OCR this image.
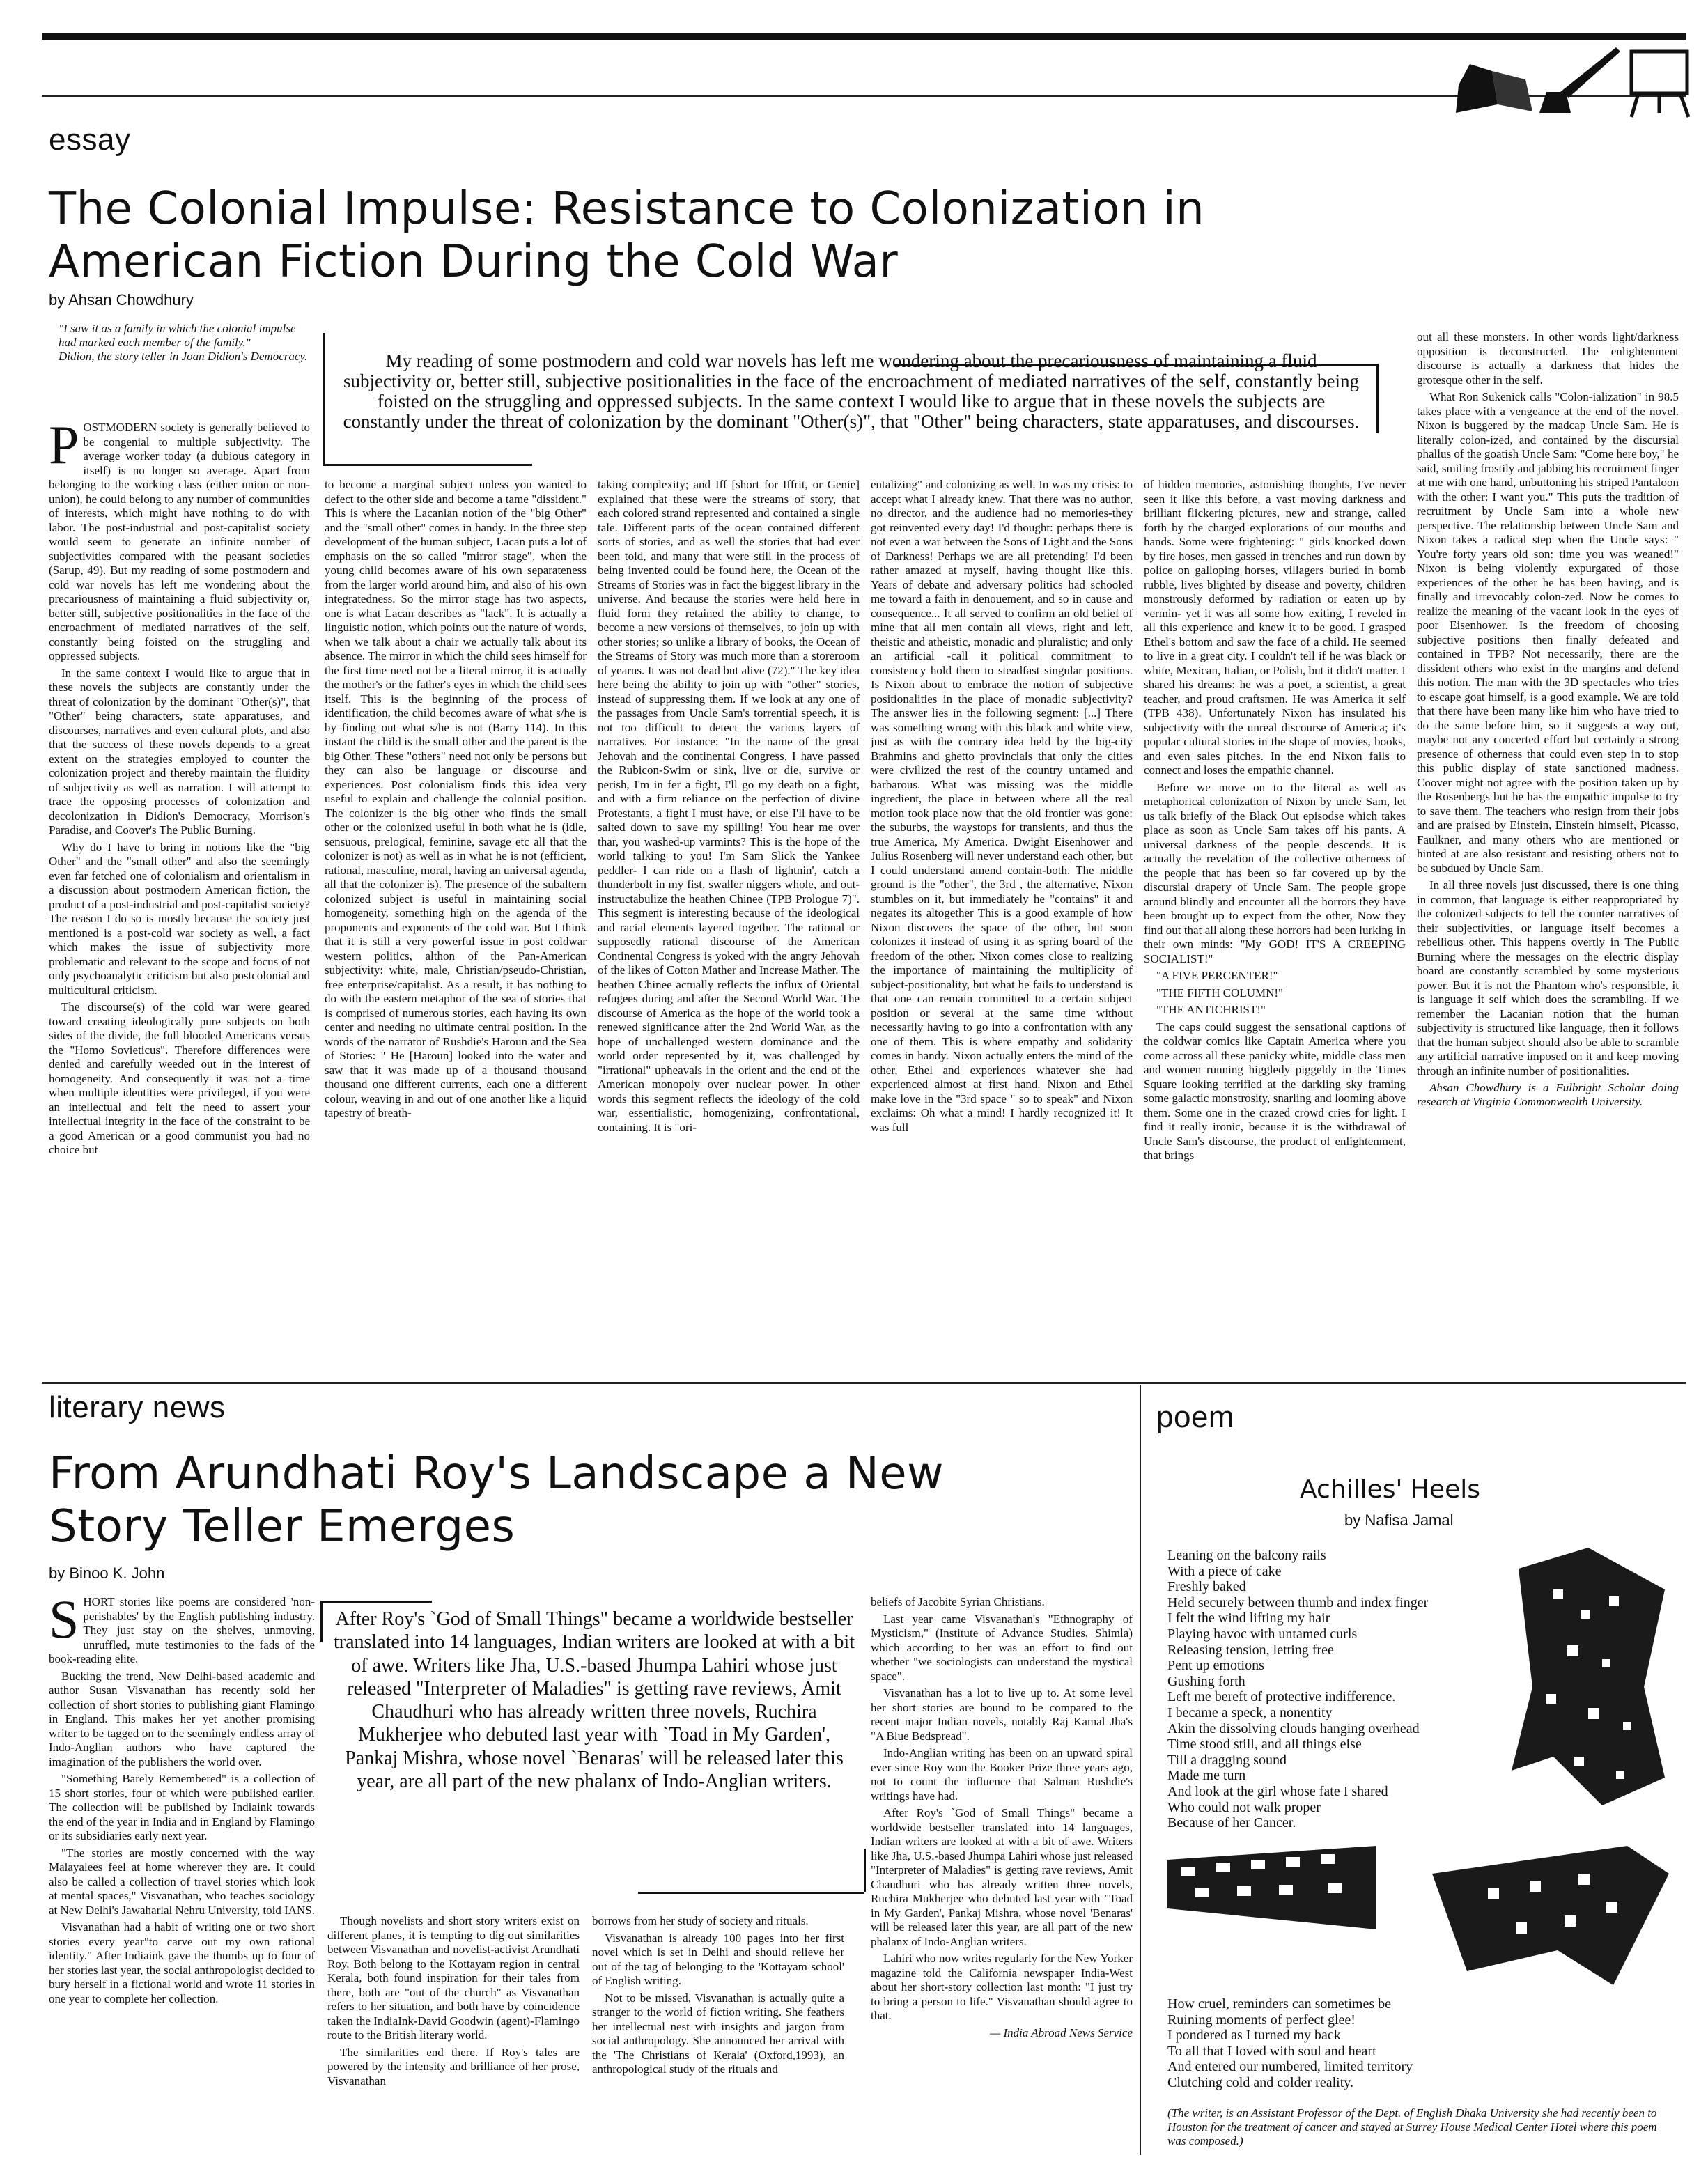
essay
The Colonial Impulse: Resistance to Colonization in
American Fiction During the Cold War
by Ahsan Chowdhury
"I saw it as a family in which the colonial impulse had marked each member of the family."
Didion, the story teller in Joan Didion's Democracy.	My reading of some postmodern and cold war novels has left me wondering about the precariousness of maintaining a fluid subjectivity or, better still, subjective positionalities in the face of the encroachment of mediated narratives of the self, constantly being foisted on the struggling and oppressed subjects. In the same context I would like to argue that in these novels the subjects are constantly under the threat of colonization by the dominant "Other(s)", that "Other" being characters, state apparatuses, and discourses.

POSTMODERN society is generally believed to be congenial to multiple subjectivity. The average worker today (a dubious category in itself) is no longer so average. Apart from belonging to the working class (either union or non-union), he could belong to any number of communities of interests, which might have nothing to do with labor. The post-industrial and post-capitalist society would seem to generate an infinite number of subjectivities compared with the peasant societies (Sarup, 49). But my reading of some postmodern and cold war novels has left me wondering about the precariousness of maintaining a fluid subjectivity or, better still, subjective positionalities in the face of the encroachment of mediated narratives of the self, constantly being foisted on the struggling and oppressed subjects.

In the same context I would like to argue that in these novels the subjects are constantly under the threat of colonization by the dominant "Other(s)", that "Other" being characters, state apparatuses, and discourses, narratives and even cultural plots, and also that the success of these novels depends to a great extent on the strategies employed to counter the colonization project and thereby maintain the fluidity of subjectivity as well as narration. I will attempt to trace the opposing processes of colonization and decolonization in Didion's Democracy, Morrison's Paradise, and Coover's The Public Burning.

Why do I have to bring in notions like the "big Other" and the "small other" and also the seemingly even far fetched one of colonialism and orientalism in a discussion about postmodern American fiction, the product of a post-industrial and post-capitalist society? The reason I do so is mostly because the society just mentioned is a post-cold war society as well, a fact which makes the issue of subjectivity more problematic and relevant to the scope and focus of not only psychoanalytic criticism but also postcolonial and multicultural criticism.

The discourse(s) of the cold war were geared toward creating ideologically pure subjects on both sides of the divide, the full blooded Americans versus the "Homo Sovieticus". Therefore differences were denied and carefully weeded out in the interest of homogeneity. And consequently it was not a time when multiple identities were privileged, if you were an intellectual and felt the need to assert your intellectual integrity in the face of the constraint to be a good American or a good communist you had no choice but

to become a marginal subject unless you wanted to defect to the other side and become a tame "dissident." This is where the Lacanian notion of the "big Other" and the "small other" comes in handy. In the three step development of the human subject, Lacan puts a lot of emphasis on the so called "mirror stage", when the young child becomes aware of his own separateness from the larger world around him, and also of his own integratedness. So the mirror stage has two aspects, one is what Lacan describes as "lack". It is actually a linguistic notion, which points out the nature of words, when we talk about a chair we actually talk about its absence. The mirror in which the child sees himself for the first time need not be a literal mirror, it is actually the mother's or the father's eyes in which the child sees itself. This is the beginning of the process of identification, the child becomes aware of what s/he is by finding out what s/he is not (Barry 114). In this instant the child is the small other and the parent is the big Other. These "others" need not only be persons but they can also be language or discourse and experiences. Post colonialism finds this idea very useful to explain and challenge the colonial position. The colonizer is the big other who finds the small other or the colonized useful in both what he is (idle, sensuous, prelogical, feminine, savage etc all that the colonizer is not) as well as in what he is not (efficient, rational, masculine, moral, having an universal agenda, all that the colonizer is). The presence of the subaltern colonized subject is useful in maintaining social homogeneity, something high on the agenda of the proponents and exponents of the cold war. But I think that it is still a very powerful issue in post coldwar western politics, althon of the Pan-American subjectivity: white, male, Christian/pseudo-Christian, free enterprise/capitalist. As a result, it has nothing to do with the eastern metaphor of the sea of stories that is comprised of numerous stories, each having its own center and needing no ultimate central position. In the words of the narrator of Rushdie's Haroun and the Sea of Stories: " He [Haroun] looked into the water and saw that it was made up of a thousand thousand thousand one different currents, each one a different colour, weaving in and out of one another like a liquid tapestry of breath-

taking complexity; and Iff [short for Iffrit, or Genie] explained that these were the streams of story, that each colored strand represented and contained a single tale. Different parts of the ocean contained different sorts of stories, and as well the stories that had ever been told, and many that were still in the process of being invented could be found here, the Ocean of the Streams of Stories was in fact the biggest library in the universe. And because the stories were held here in fluid form they retained the ability to change, to become a new versions of themselves, to join up with other stories; so unlike a library of books, the Ocean of the Streams of Story was much more than a storeroom of yearns. It was not dead but alive (72)." The key idea here being the ability to join up with "other" stories, instead of suppressing them. If we look at any one of the passages from Uncle Sam's torrential speech, it is not too difficult to detect the various layers of narratives. For instance: "In the name of the great Jehovah and the continental Congress, I have passed the Rubicon-Swim or sink, live or die, survive or perish, I'm in fer a fight, I'll go my death on a fight, and with a firm reliance on the perfection of divine Protestants, a fight I must have, or else I'll have to be salted down to save my spilling! You hear me over thar, you washed-up varmints? This is the hope of the world talking to you! I'm Sam Slick the Yankee peddler- I can ride on a flash of lightnin', catch a thunderbolt in my fist, swaller niggers whole, and out-instructabulize the heathen Chinee (TPB Prologue 7)". This segment is interesting because of the ideological and racial elements layered together. The rational or supposedly rational discourse of the American Continental Congress is yoked with the angry Jehovah of the likes of Cotton Mather and Increase Mather. The heathen Chinee actually reflects the influx of Oriental refugees during and after the Second World War. The discourse of America as the hope of the world took a renewed significance after the 2nd World War, as the hope of unchallenged western dominance and the world order represented by it, was challenged by "irrational" upheavals in the orient and the end of the American monopoly over nuclear power. In other words this segment reflects the ideology of the cold war, essentialistic, homogenizing, confrontational, containing. It is "ori-

entalizing" and colonizing as well. In was my crisis: to accept what I already knew. That there was no author, no director, and the audience had no memories-they got reinvented every day! I'd thought: perhaps there is not even a war between the Sons of Light and the Sons of Darkness! Perhaps we are all pretending! I'd been rather amazed at myself, having thought like this. Years of debate and adversary politics had schooled me toward a faith in denouement, and so in cause and consequence... It all served to confirm an old belief of mine that all men contain all views, right and left, theistic and atheistic, monadic and pluralistic; and only an artificial -call it political commitment to consistency hold them to steadfast singular positions. Is Nixon about to embrace the notion of subjective positionalities in the place of monadic subjectivity? The answer lies in the following segment: [...] There was something wrong with this black and white view, just as with the contrary idea held by the big-city Brahmins and ghetto provincials that only the cities were civilized the rest of the country untamed and barbarous. What was missing was the middle ingredient, the place in between where all the real motion took place now that the old frontier was gone: the suburbs, the waystops for transients, and thus the true America, My America. Dwight Eisenhower and Julius Rosenberg will never understand each other, but I could understand amend contain-both. The middle ground is the "other", the 3rd , the alternative, Nixon stumbles on it, but immediately he "contains" it and negates its altogether This is a good example of how Nixon discovers the space of the other, but soon colonizes it instead of using it as spring board of the freedom of the other. Nixon comes close to realizing the importance of maintaining the multiplicity of subject-positionality, but what he fails to understand is that one can remain committed to a certain subject position or several at the same time without necessarily having to go into a confrontation with any one of them. This is where empathy and solidarity comes in handy. Nixon actually enters the mind of the other, Ethel and experiences whatever she had experienced almost at first hand. Nixon and Ethel make love in the "3rd space " so to speak" and Nixon exclaims: Oh what a mind! I hardly recognized it! It was full

of hidden memories, astonishing thoughts, I've never seen it like this before, a vast moving darkness and brilliant flickering pictures, new and strange, called forth by the charged explorations of our mouths and hands. Some were frightening: " girls knocked down by fire hoses, men gassed in trenches and run down by police on galloping horses, villagers buried in bomb rubble, lives blighted by disease and poverty, children monstrously deformed by radiation or eaten up by vermin- yet it was all some how exiting, I reveled in all this experience and knew it to be good. I grasped Ethel's bottom and saw the face of a child. He seemed to live in a great city. I couldn't tell if he was black or white, Mexican, Italian, or Polish, but it didn't matter. I shared his dreams: he was a poet, a scientist, a great teacher, and proud craftsmen. He was America it self (TPB 438). Unfortunately Nixon has insulated his subjectivity with the unreal discourse of America; it's popular cultural stories in the shape of movies, books, and even sales pitches. In the end Nixon fails to connect and loses the empathic channel.

Before we move on to the literal as well as metaphorical colonization of Nixon by uncle Sam, let us talk briefly of the Black Out episodse which takes place as soon as Uncle Sam takes off his pants. A universal darkness of the people descends. It is actually the revelation of the collective otherness of the people that has been so far covered up by the discursial drapery of Uncle Sam. The people grope around blindly and encounter all the horrors they have been brought up to expect from the other, Now they find out that all along these horrors had been lurking in their own minds: "My GOD! IT'S A CREEPING SOCIALIST!"

"A FIVE PERCENTER!"

"THE FIFTH COLUMN!"

"THE ANTICHRIST!"

The caps could suggest the sensational captions of the coldwar comics like Captain America where you come across all these panicky white, middle class men and women running higgledy piggeldy in the Times Square looking terrified at the darkling sky framing some galactic monstrosity, snarling and looming above them. Some one in the crazed crowd cries for light. I find it really ironic, because it is the withdrawal of Uncle Sam's discourse, the product of enlightenment, that brings

out all these monsters. In other words light/darkness opposition is deconstructed. The enlightenment discourse is actually a darkness that hides the grotesque other in the self.

What Ron Sukenick calls "Colon-ialization" in 98.5 takes place with a vengeance at the end of the novel. Nixon is buggered by the madcap Uncle Sam. He is literally colon-ized, and contained by the discursial phallus of the goatish Uncle Sam: "Come here boy," he said, smiling frostily and jabbing his recruitment finger at me with one hand, unbuttoning his striped Pantaloon with the other: I want you." This puts the tradition of recruitment by Uncle Sam into a whole new perspective. The relationship between Uncle Sam and Nixon takes a radical step when the Uncle says: " You're forty years old son: time you was weaned!" Nixon is being violently expurgated of those experiences of the other he has been having, and is finally and irrevocably colon-zed. Now he comes to realize the meaning of the vacant look in the eyes of poor Eisenhower. Is the freedom of choosing subjective positions then finally defeated and contained in TPB? Not necessarily, there are the dissident others who exist in the margins and defend this notion. The man with the 3D spectacles who tries to escape goat himself, is a good example. We are told that there have been many like him who have tried to do the same before him, so it suggests a way out, maybe not any concerted effort but certainly a strong presence of otherness that could even step in to stop this public display of state sanctioned madness. Coover might not agree with the position taken up by the Rosenbergs but he has the empathic impulse to try to save them. The teachers who resign from their jobs and are praised by Einstein, Einstein himself, Picasso, Faulkner, and many others who are mentioned or hinted at are also resistant and resisting others not to be subdued by Uncle Sam.

In all three novels just discussed, there is one thing in common, that language is either reappropriated by the colonized subjects to tell the counter narratives of their subjectivities, or language itself becomes a rebellious other. This happens overtly in The Public Burning where the messages on the electric display board are constantly scrambled by some mysterious power. But it is not the Phantom who's responsible, it is language it self which does the scrambling. If we remember the Lacanian notion that the human subjectivity is structured like language, then it follows that the human subject should also be able to scramble any artificial narrative imposed on it and keep moving through an infinite number of positionalities.

Ahsan Chowdhury is a Fulbright Scholar doing research at Virginia Commonwealth University.

literary news
From Arundhati Roy's Landscape a New
Story Teller Emerges
by Binoo K. John

SHORT stories like poems are considered 'non-perishables' by the English publishing industry. They just stay on the shelves, unmoving, unruffled, mute testimonies to the fads of the book-reading elite.

Bucking the trend, New Delhi-based academic and author Susan Visvanathan has recently sold her collection of short stories to publishing giant Flamingo in England. This makes her yet another promising writer to be tagged on to the seemingly endless array of Indo-Anglian authors who have captured the imagination of the publishers the world over.

"Something Barely Remembered" is a collection of 15 short stories, four of which were published earlier. The collection will be published by Indiaink towards the end of the year in India and in England by Flamingo or its subsidiaries early next year.

"The stories are mostly concerned with the way Malayalees feel at home wherever they are. It could also be called a collection of travel stories which look at mental spaces," Visvanathan, who teaches sociology at New Delhi's Jawaharlal Nehru University, told IANS.

Visvanathan had a habit of writing one or two short stories every year"to carve out my own rational identity." After Indiaink gave the thumbs up to four of her stories last year, the social anthropologist decided to bury herself in a fictional world and wrote 11 stories in one year to complete her collection.

After Roy's `God of Small Things" became a worldwide bestseller translated into 14 languages, Indian writers are looked at with a bit of awe. Writers like Jha, U.S.-based Jhumpa Lahiri whose just released "Interpreter of Maladies" is getting rave reviews, Amit Chaudhuri who has already written three novels, Ruchira Mukherjee who debuted last year with `Toad in My Garden', Pankaj Mishra, whose novel `Benaras' will be released later this year, are all part of the new phalanx of Indo-Anglian writers.

Though novelists and short story writers exist on different planes, it is tempting to dig out similarities between Visvanathan and novelist-activist Arundhati Roy. Both belong to the Kottayam region in central Kerala, both found inspiration for their tales from there, both are "out of the church" as Visvanathan refers to her situation, and both have by coincidence taken the IndiaInk-David Goodwin (agent)-Flamingo route to the British literary world.

The similarities end there. If Roy's tales are powered by the intensity and brilliance of her prose, Visvanathan

borrows from her study of society and rituals.

Visvanathan is already 100 pages into her first novel which is set in Delhi and should relieve her out of the tag of belonging to the 'Kottayam school' of English writing.

Not to be missed, Visvanathan is actually quite a stranger to the world of fiction writing. She feathers her intellectual nest with insights and jargon from social anthropology. She announced her arrival with the 'The Christians of Kerala' (Oxford,1993), an anthropological study of the rituals and

beliefs of Jacobite Syrian Christians.

Last year came Visvanathan's "Ethnography of Mysticism," (Institute of Advance Studies, Shimla) which according to her was an effort to find out whether "we sociologists can understand the mystical space".

Visvanathan has a lot to live up to. At some level her short stories are bound to be compared to the recent major Indian novels, notably Raj Kamal Jha's "A Blue Bedspread".

Indo-Anglian writing has been on an upward spiral ever since Roy won the Booker Prize three years ago, not to count the influence that Salman Rushdie's writings have had.

After Roy's `God of Small Things" became a worldwide bestseller translated into 14 languages, Indian writers are looked at with a bit of awe. Writers like Jha, U.S.-based Jhumpa Lahiri whose just released "Interpreter of Maladies" is getting rave reviews, Amit Chaudhuri who has already written three novels, Ruchira Mukherjee who debuted last year with "Toad in My Garden', Pankaj Mishra, whose novel 'Benaras' will be released later this year, are all part of the new phalanx of Indo-Anglian writers.

Lahiri who now writes regularly for the New Yorker magazine told the California newspaper India-West about her short-story collection last month: "I just try to bring a person to life." Visvanathan should agree to that.

— India Abroad News Service

poem
Achilles' Heels
by Nafisa Jamal
Leaning on the balcony rails
With a piece of cake
Freshly baked
Held securely between thumb and index finger
I felt the wind lifting my hair
Playing havoc with untamed curls
Releasing tension, letting free
Pent up emotions
Gushing forth
Left me bereft of protective indifference.
I became a speck, a nonentity
Akin the dissolving clouds hanging overhead
Time stood still, and all things else
Till a dragging sound
Made me turn
And look at the girl whose fate I shared
Who could not walk proper
Because of her Cancer.
How cruel, reminders can sometimes be
Ruining moments of perfect glee!
I pondered as I turned my back
To all that I loved with soul and heart
And entered our numbered, limited territory
Clutching cold and colder reality.
(The writer, is an Assistant Professor of the Dept. of English Dhaka University she had recently been to Houston for the treatment of cancer and stayed at Surrey House Medical Center Hotel where this poem was composed.)
